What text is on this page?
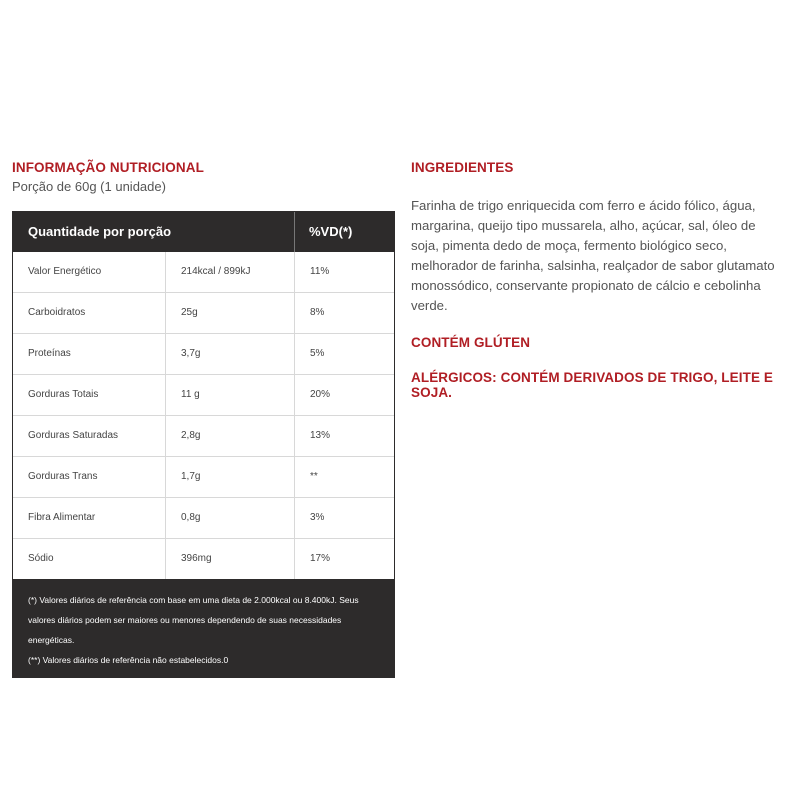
INFORMAÇÃO NUTRICIONAL

Porção de 60g (1 unidade)

Quantidade por porção	%VD(*)
Valor Energético	214kcal / 899kJ	11%
Carboidratos	25g	8%
Proteínas	3,7g	5%
Gorduras Totais	11 g	20%
Gorduras Saturadas	2,8g	13%
Gorduras Trans	1,7g	**
Fibra Alimentar	0,8g	3%
Sódio	396mg	17%

(*) Valores diários de referência com base em uma dieta de 2.000kcal ou 8.400kJ. Seus valores diários podem ser maiores ou menores dependendo de suas necessidades energéticas.

(**) Valores diários de referência não estabelecidos.0

INGREDIENTES

Farinha de trigo enriquecida com ferro e ácido fólico, água, margarina, queijo tipo mussarela, alho, açúcar, sal, óleo de soja, pimenta dedo de moça, fermento biológico seco, melhorador de farinha, salsinha, realçador de sabor glutamato monossódico, conservante propionato de cálcio e cebolinha verde.

CONTÉM GLÚTEN
ALÉRGICOS: CONTÉM DERIVADOS DE TRIGO, LEITE E SOJA.
